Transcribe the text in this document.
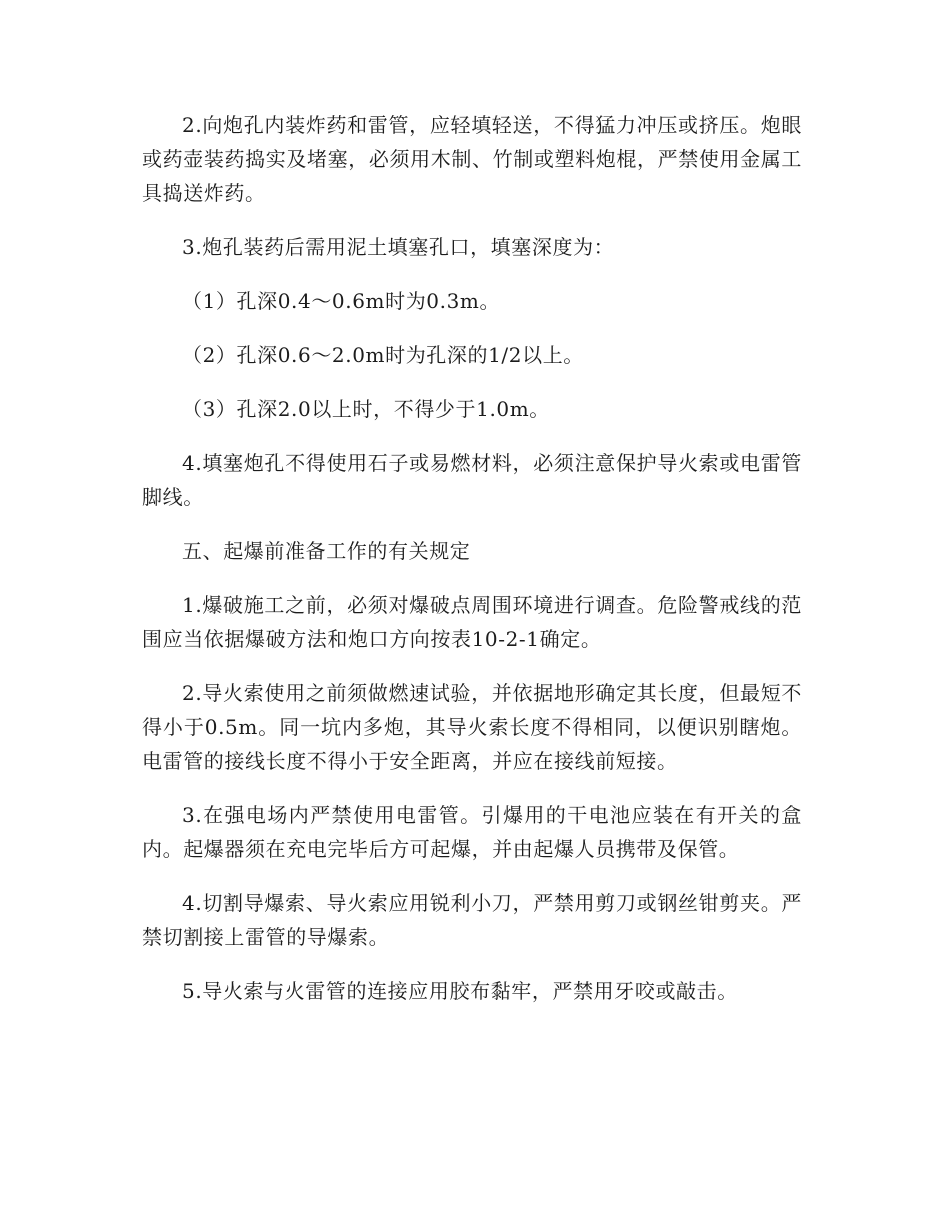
2.向炮孔内装炸药和雷管，应轻填轻送，不得猛力冲压或挤压。炮眼或药壶装药捣实及堵塞，必须用木制、竹制或塑料炮棍，严禁使用金属工具捣送炸药。

3.炮孔装药后需用泥土填塞孔口，填塞深度为：

（1）孔深0.4～0.6m时为0.3m。

（2）孔深0.6～2.0m时为孔深的1/2以上。

（3）孔深2.0以上时，不得少于1.0m。

4.填塞炮孔不得使用石子或易燃材料，必须注意保护导火索或电雷管脚线。

五、起爆前准备工作的有关规定

1.爆破施工之前，必须对爆破点周围环境进行调查。危险警戒线的范围应当依据爆破方法和炮口方向按表10-2-1确定。

2.导火索使用之前须做燃速试验，并依据地形确定其长度，但最短不得小于0.5m。同一坑内多炮，其导火索长度不得相同，以便识别瞎炮。电雷管的接线长度不得小于安全距离，并应在接线前短接。

3.在强电场内严禁使用电雷管。引爆用的干电池应装在有开关的盒内。起爆器须在充电完毕后方可起爆，并由起爆人员携带及保管。

4.切割导爆索、导火索应用锐利小刀，严禁用剪刀或钢丝钳剪夹。严禁切割接上雷管的导爆索。

5.导火索与火雷管的连接应用胶布黏牢，严禁用牙咬或敲击。
